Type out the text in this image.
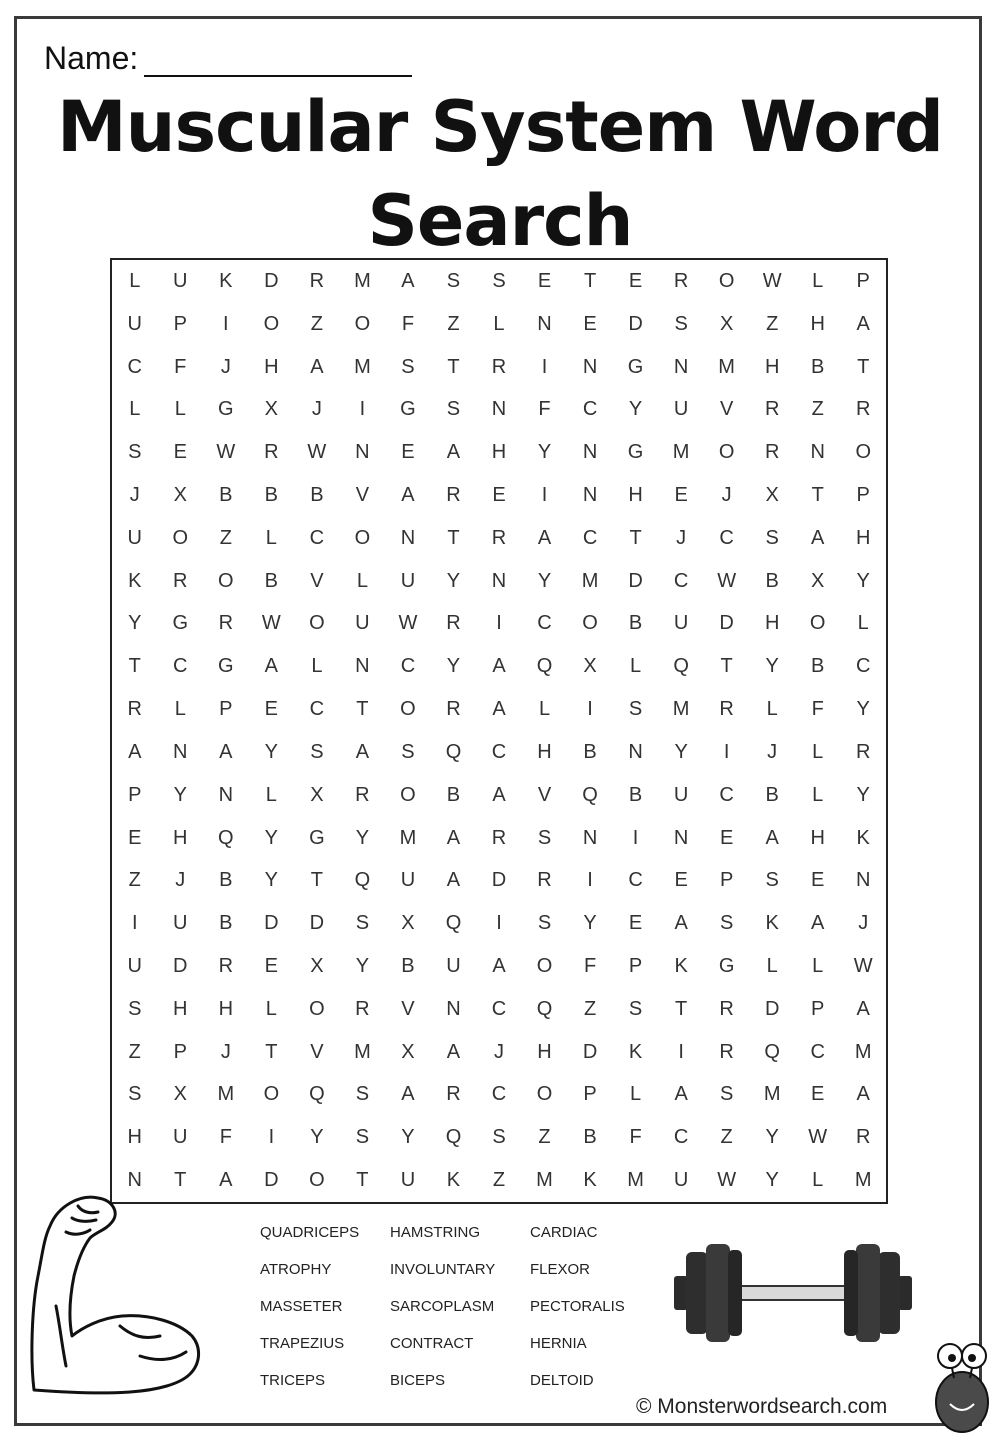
Name:
Muscular System Word
Search
L U K D R M A S S E T E R O W L P
U P I O Z O F Z L N E D S X Z H A
C F J H A M S T R I N G N M H B T
L L G X J I G S N F C Y U V R Z R
S E W R W N E A H Y N G M O R N O
J X B B B V A R E I N H E J X T P
U O Z L C O N T R A C T J C S A H
K R O B V L U Y N Y M D C W B X Y
Y G R W O U W R I C O B U D H O L
T C G A L N C Y A Q X L Q T Y B C
R L P E C T O R A L I S M R L F Y
A N A Y S A S Q C H B N Y I J L R
P Y N L X R O B A V Q B U C B L Y
E H Q Y G Y M A R S N I N E A H K
Z J B Y T Q U A D R I C E P S E N
I U B D D S X Q I S Y E A S K A J
U D R E X Y B U A O F P K G L L W
S H H L O R V N C Q Z S T R D P A
Z P J T V M X A J H D K I R Q C M
S X M O Q S A R C O P L A S M E A
H U F I Y S Y Q S Z B F C Z Y W R
N T A D O T U K Z M K M U W Y L M
QUADRICEPS	HAMSTRING	CARDIAC
ATROPHY	INVOLUNTARY	FLEXOR
MASSETER	SARCOPLASM	PECTORALIS
TRAPEZIUS	CONTRACT	HERNIA
TRICEPS	BICEPS	DELTOID
© Monsterwordsearch.com
